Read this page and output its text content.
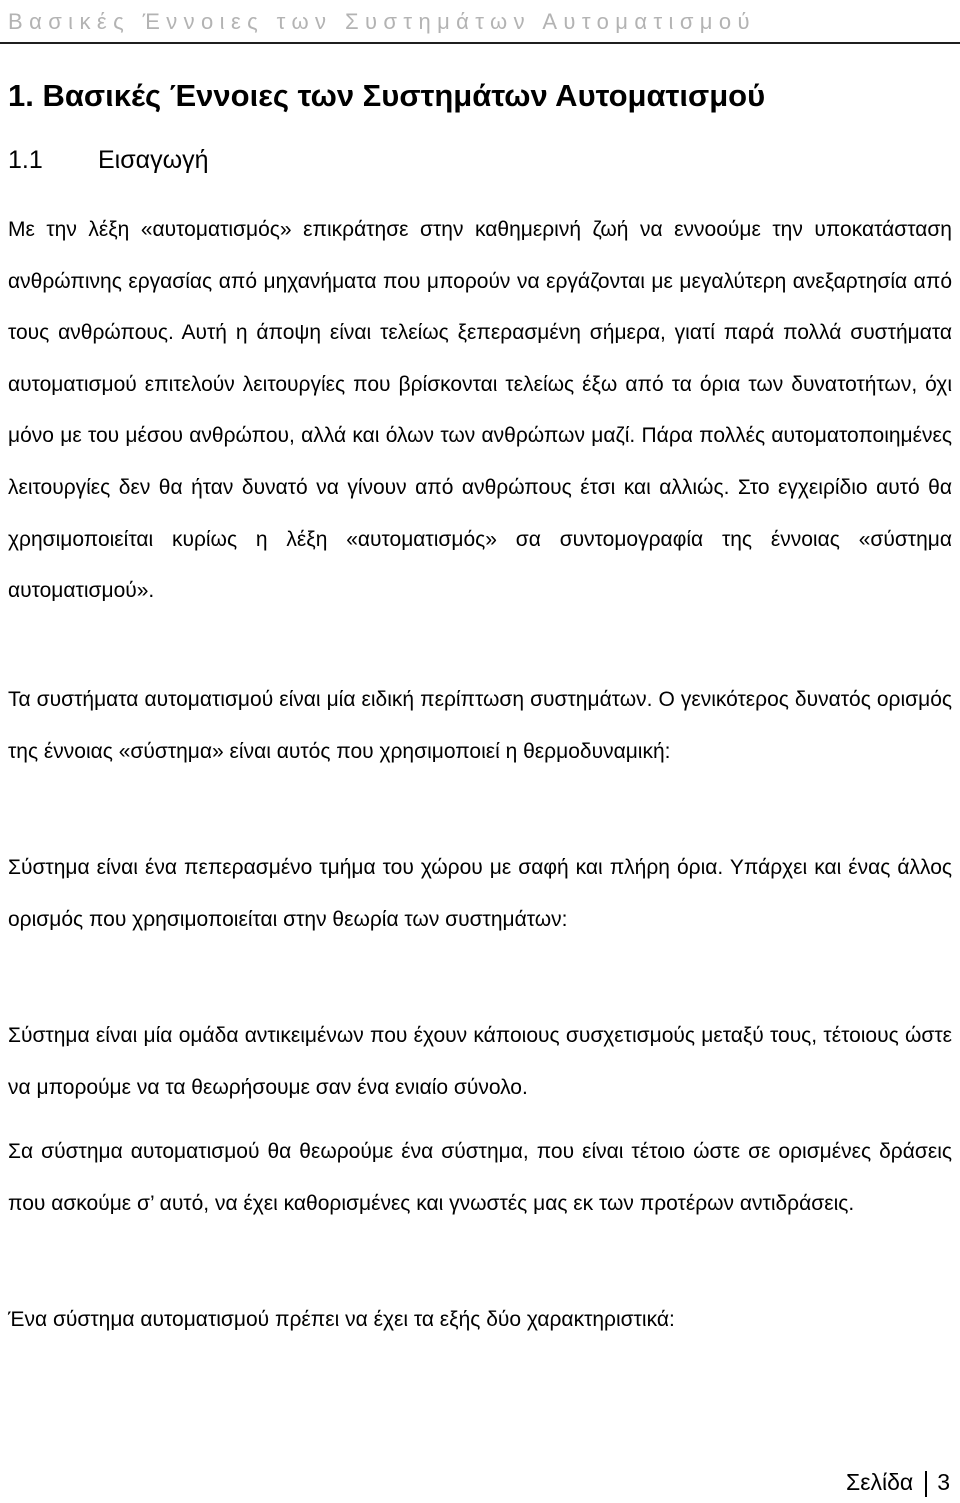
Βασικές Έννοιες των Συστημάτων Αυτοματισμού
1. Βασικές Έννοιες των Συστημάτων Αυτοματισμού
1.1 Εισαγωγή

Με την λέξη «αυτοματισμός» επικράτησε στην καθημερινή ζωή να εννοούμε την υποκατάσταση ανθρώπινης εργασίας από μηχανήματα που μπορούν να εργάζονται με μεγαλύτερη ανεξαρτησία από τους ανθρώπους. Αυτή η άποψη είναι τελείως ξεπερασμένη σήμερα, γιατί παρά πολλά συστήματα αυτοματισμού επιτελούν λειτουργίες που βρίσκονται τελείως έξω από τα όρια των δυνατοτήτων, όχι μόνο με του μέσου ανθρώπου, αλλά και όλων των ανθρώπων μαζί. Πάρα πολλές αυτοματοποιημένες λειτουργίες δεν θα ήταν δυνατό να γίνουν από ανθρώπους έτσι και αλλιώς. Στο εγχειρίδιο αυτό θα χρησιμοποιείται κυρίως η λέξη «αυτοματισμός» σα συντομογραφία της έννοιας «σύστημα αυτοματισμού».

Τα συστήματα αυτοματισμού είναι μία ειδική περίπτωση συστημάτων. Ο γενικότερος δυνατός ορισμός της έννοιας «σύστημα» είναι αυτός που χρησιμοποιεί η θερμοδυναμική:

Σύστημα είναι ένα πεπερασμένο τμήμα του χώρου με σαφή και πλήρη όρια. Υπάρχει και ένας άλλος ορισμός που χρησιμοποιείται στην θεωρία των συστημάτων:

Σύστημα είναι μία ομάδα αντικειμένων που έχουν κάποιους συσχετισμούς μεταξύ τους, τέτοιους ώστε να μπορούμε να τα θεωρήσουμε σαν ένα ενιαίο σύνολο.

Σα σύστημα αυτοματισμού θα θεωρούμε ένα σύστημα, που είναι τέτοιο ώστε σε ορισμένες δράσεις που ασκούμε σ’ αυτό, να έχει καθορισμένες και γνωστές μας εκ των προτέρων αντιδράσεις.

Ένα σύστημα αυτοματισμού πρέπει να έχει τα εξής δύο χαρακτηριστικά:

Σελίδα 3
